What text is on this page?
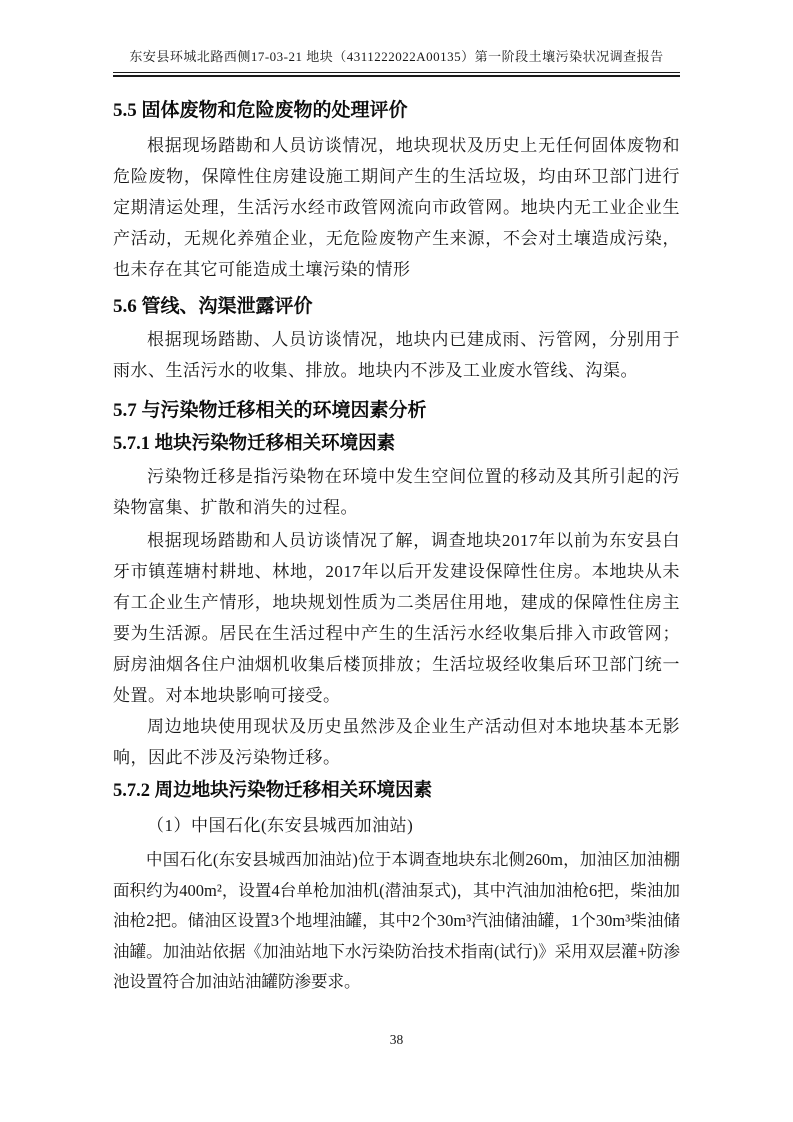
东安县环城北路西侧17-03-21 地块（4311222022A00135）第一阶段土壤污染状况调查报告
5.5 固体废物和危险废物的处理评价

根据现场踏勘和人员访谈情况，地块现状及历史上无任何固体废物和危险废物，保障性住房建设施工期间产生的生活垃圾，均由环卫部门进行定期清运处理，生活污水经市政管网流向市政管网。地块内无工业企业生产活动，无规化养殖企业，无危险废物产生来源，不会对土壤造成污染，也未存在其它可能造成土壤污染的情形

5.6 管线、沟渠泄露评价

根据现场踏勘、人员访谈情况，地块内已建成雨、污管网，分别用于雨水、生活污水的收集、排放。地块内不涉及工业废水管线、沟渠。

5.7 与污染物迁移相关的环境因素分析
5.7.1 地块污染物迁移相关环境因素

污染物迁移是指污染物在环境中发生空间位置的移动及其所引起的污染物富集、扩散和消失的过程。

根据现场踏勘和人员访谈情况了解，调查地块2017年以前为东安县白牙市镇莲塘村耕地、林地，2017年以后开发建设保障性住房。本地块从未有工企业生产情形，地块规划性质为二类居住用地，建成的保障性住房主要为生活源。居民在生活过程中产生的生活污水经收集后排入市政管网；厨房油烟各住户油烟机收集后楼顶排放；生活垃圾经收集后环卫部门统一处置。对本地块影响可接受。

周边地块使用现状及历史虽然涉及企业生产活动但对本地块基本无影响，因此不涉及污染物迁移。

5.7.2 周边地块污染物迁移相关环境因素

（1）中国石化(东安县城西加油站)

中国石化(东安县城西加油站)位于本调查地块东北侧260m，加油区加油棚面积约为400m²，设置4台单枪加油机(潜油泵式)，其中汽油加油枪6把，柴油加油枪2把。储油区设置3个地埋油罐，其中2个30m³汽油储油罐，1个30m³柴油储油罐。加油站依据《加油站地下水污染防治技术指南(试行)》采用双层灌+防渗池设置符合加油站油罐防渗要求。

38
